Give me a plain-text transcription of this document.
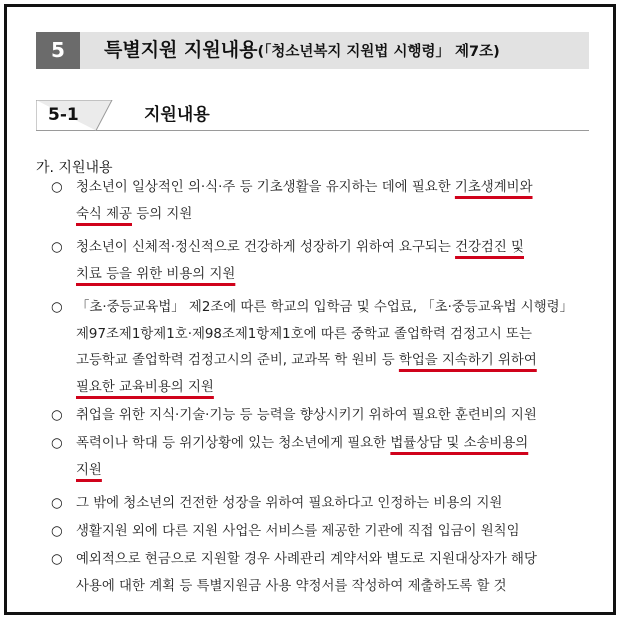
5	특별지원 지원내용(「청소년복지 지원법 시행령」 제7조)
5-1	지원내용
가. 지원내용
○ 청소년이 일상적인 의·식·주 등 기초생활을 유지하는 데에 필요한 기초생계비와
숙식 제공 등의 지원
○ 청소년이 신체적·정신적으로 건강하게 성장하기 위하여 요구되는 건강검진 및
치료 등을 위한 비용의 지원
○ 「초·중등교육법」 제2조에 따른 학교의 입학금 및 수업료, 「초·중등교육법 시행령」
제97조제1항제1호·제98조제1항제1호에 따른 중학교 졸업학력 검정고시 또는
고등학교 졸업학력 검정고시의 준비, 교과목 학 원비 등 학업을 지속하기 위하여
필요한 교육비용의 지원
○ 취업을 위한 지식·기술·기능 등 능력을 향상시키기 위하여 필요한 훈련비의 지원
○ 폭력이나 학대 등 위기상황에 있는 청소년에게 필요한 법률상담 및 소송비용의
지원
○ 그 밖에 청소년의 건전한 성장을 위하여 필요하다고 인정하는 비용의 지원
○ 생활지원 외에 다른 지원 사업은 서비스를 제공한 기관에 직접 입금이 원칙임
○ 예외적으로 현금으로 지원할 경우 사례관리 계약서와 별도로 지원대상자가 해당
사용에 대한 계획 등 특별지원금 사용 약정서를 작성하여 제출하도록 할 것
